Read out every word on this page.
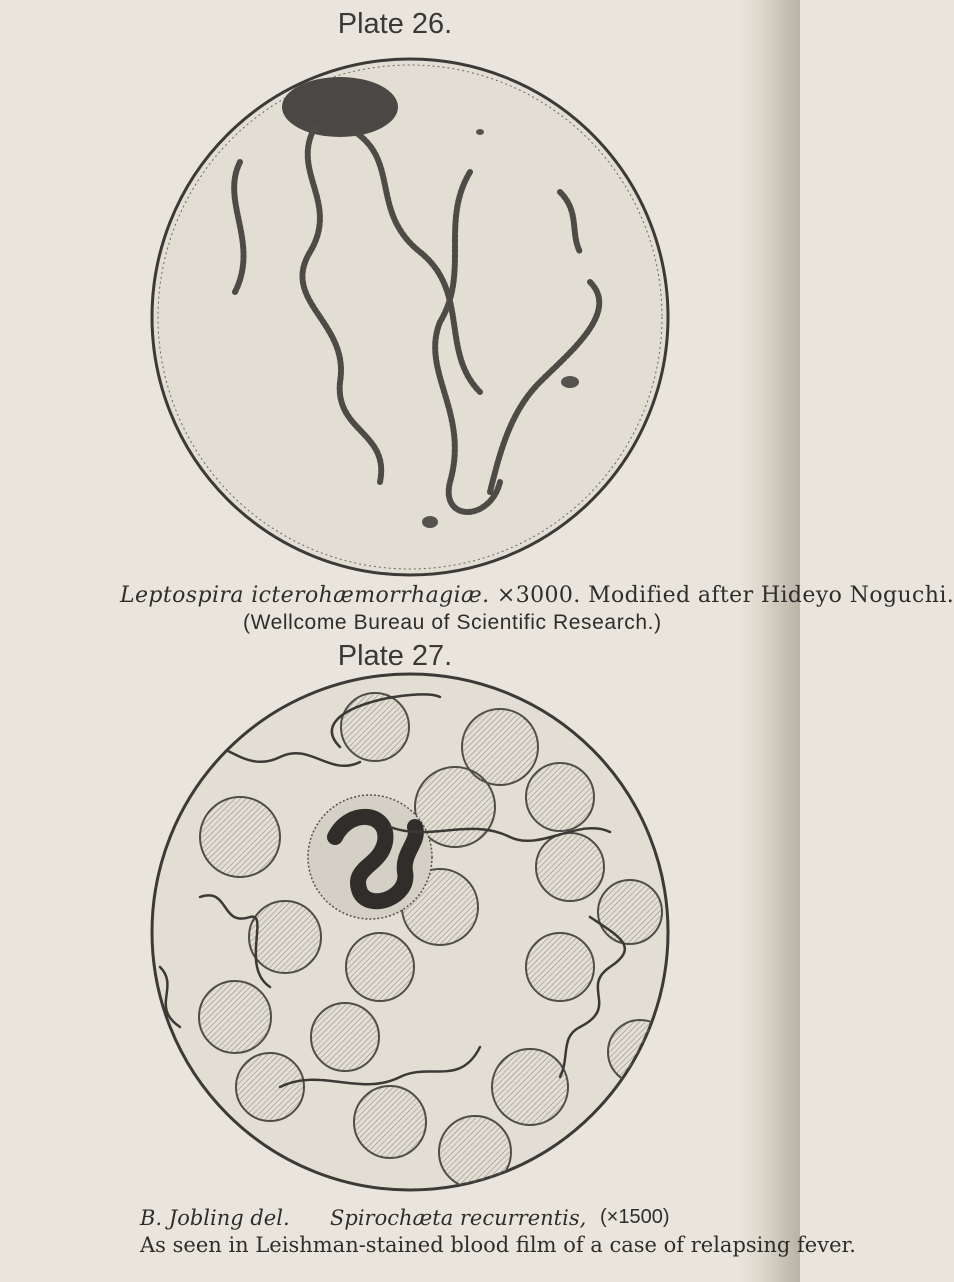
Plate 26.
Leptospira icterohæmorrhagiæ. ×3000. Modified after Hideyo Noguchi.
(Wellcome Bureau of Scientific Research.)
Plate 27.
B. Jobling del. Spirochæta recurrentis, (×1500)
As seen in Leishman-stained blood film of a case of relapsing fever.
